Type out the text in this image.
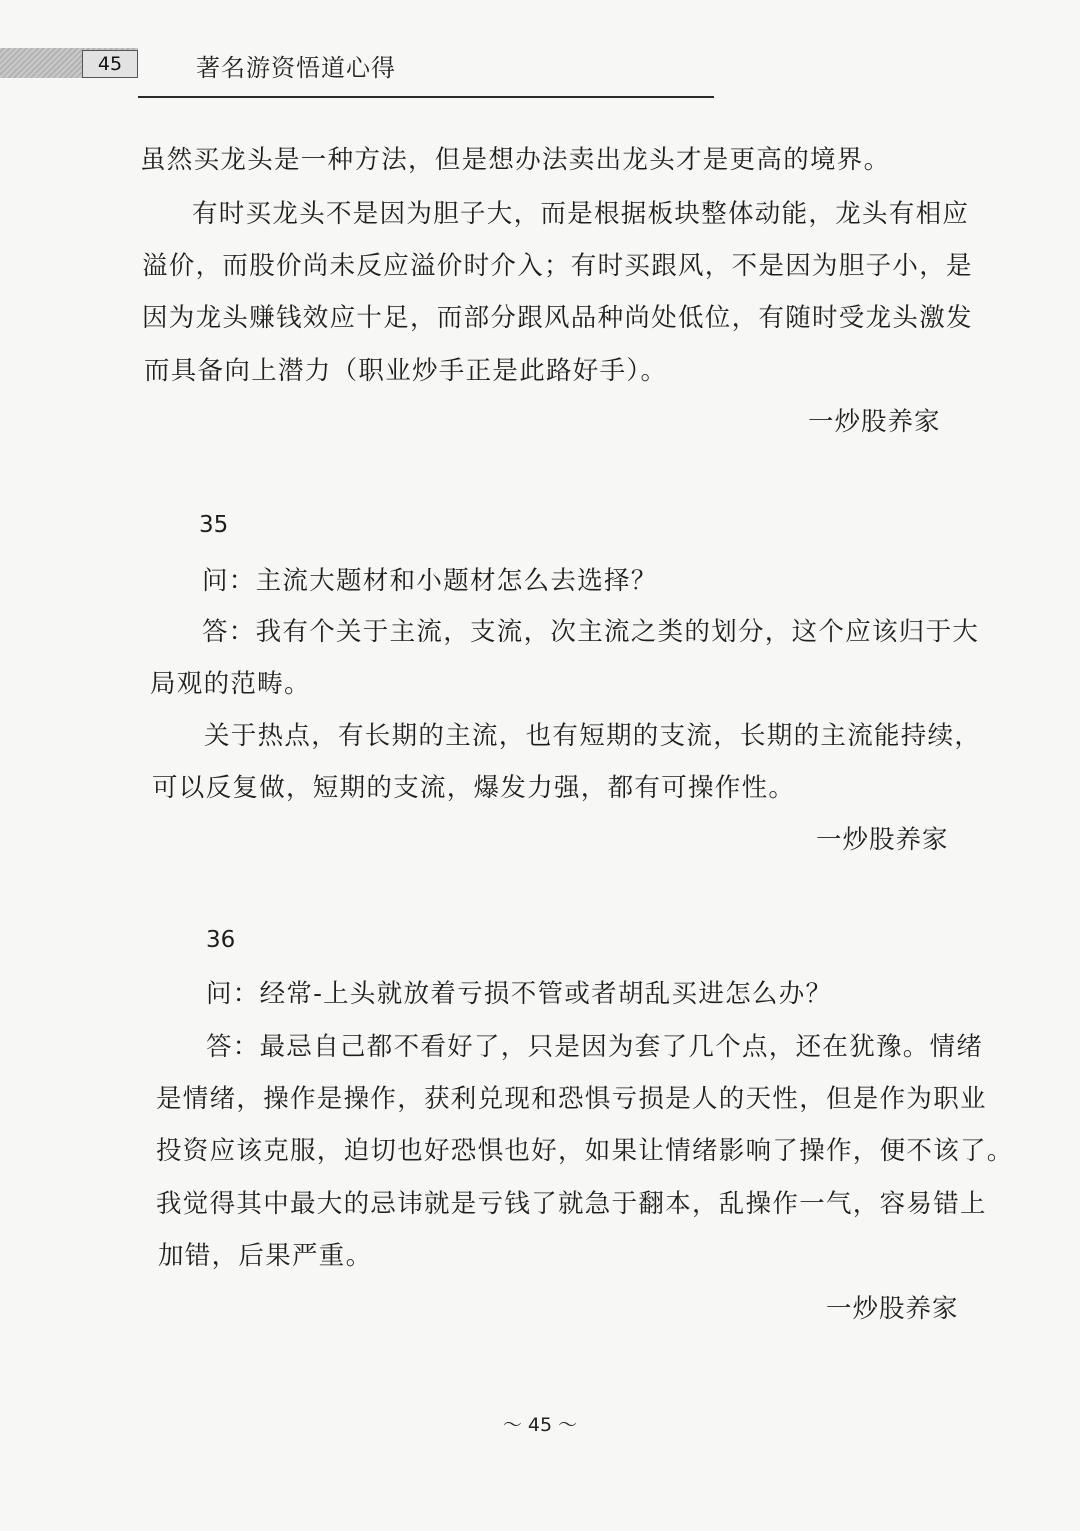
45	著名游资悟道心得
虽然买龙头是一种方法，但是想办法卖出龙头才是更高的境界。
有时买龙头不是因为胆子大，而是根据板块整体动能，龙头有相应
溢价，而股价尚未反应溢价时介入；有时买跟风，不是因为胆子小，是
因为龙头赚钱效应十足，而部分跟风品种尚处低位，有随时受龙头激发
而具备向上潜力（职业炒手正是此路好手）。
一炒股养家
35
问：主流大题材和小题材怎么去选择？
答：我有个关于主流，支流，次主流之类的划分，这个应该归于大
局观的范畴。
关于热点，有长期的主流，也有短期的支流，长期的主流能持续，
可以反复做，短期的支流，爆发力强，都有可操作性。
一炒股养家
36
问：经常-上头就放着亏损不管或者胡乱买进怎么办？
答：最忌自己都不看好了，只是因为套了几个点，还在犹豫。情绪
是情绪，操作是操作，获利兑现和恐惧亏损是人的天性，但是作为职业
投资应该克服，迫切也好恐惧也好，如果让情绪影响了操作，便不该了。
我觉得其中最大的忌讳就是亏钱了就急于翻本，乱操作一气，容易错上
加错，后果严重。
一炒股养家
～ 45 ～
